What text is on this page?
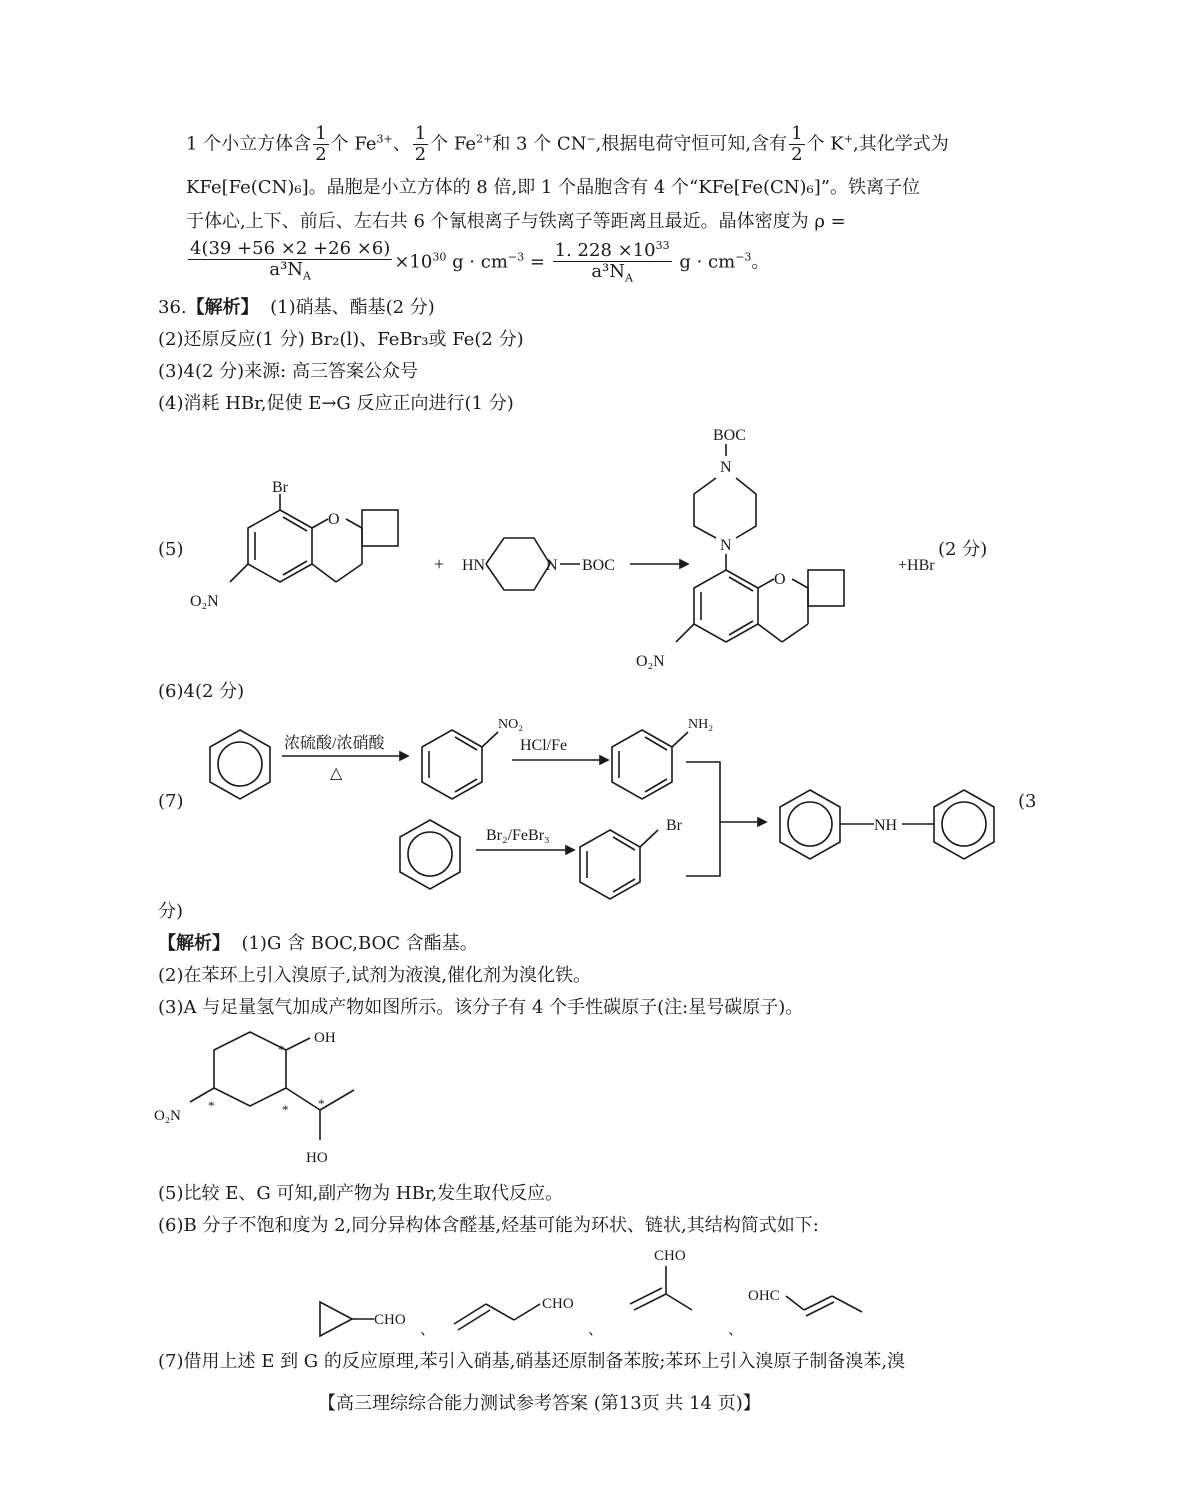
1 个小立方体含 $\frac{1}{2}$ 个 $Fe^{3+}$、 $\frac{1}{2}$ 个 $Fe^{2+}$和 3 个 CN−,根据电荷守恒可知,含有 $\frac{1}{2}$ 个 K+,其化学式为
KFe[Fe(CN)₆]。晶胞是小立方体的 8 倍,即 1 个晶胞含有 4 个“KFe[Fe(CN)₆]”。铁离子位
于体心,上下、前后、左右共 6 个氰根离子与铁离子等距离且最近。晶体密度为 ρ =
$\frac{4(39 +56 \times 2 +26 \times 6)}{a^3N_A} \times 10^{30}$ $g \cdot cm^{-3} = \frac{1. 228 \times 10^{33}}{a^3N_A}$ $g \cdot cm^{-3}$。
36.【解析】 (1)硝基、酯基(2 分)
(2)还原反应(1 分) Br₂(l)、FeBr₃或 Fe(2 分)
(3)4(2 分)来源: 高三答案公众号
(4)消耗 HBr,促使 E→G 反应正向进行(1 分)
(5)
Br
O
O₂N
+ HN	N BOC
BOC
N
N
O
O₂N
+HBr
(2 分)
(6)4(2 分)
(7)
浓硫酸/浓硝酸
△
NO₂
HCl/Fe
NH₂
Br₂/FeBr₃
Br	NH
(3
分)
【解析】 (1)G 含 BOC,BOC 含酯基。
(2)在苯环上引入溴原子,试剂为液溴,催化剂为溴化铁。
(3)A 与足量氢气加成产物如图所示。该分子有 4 个手性碳原子(注:星号碳原子)。
OH
*
O₂N
*	* *
HO
(5)比较 E、G 可知,副产物为 HBr,发生取代反应。
(6)B 分子不饱和度为 2,同分异构体含醛基,烃基可能为环状、链状,其结构简式如下:
CHO
、
CHO
、
CHO
、
OHC
(7)借用上述 E 到 G 的反应原理,苯引入硝基,硝基还原制备苯胺;苯环上引入溴原子制备溴苯,溴
【高三理综综合能力测试参考答案 (第13页 共 14 页)】
